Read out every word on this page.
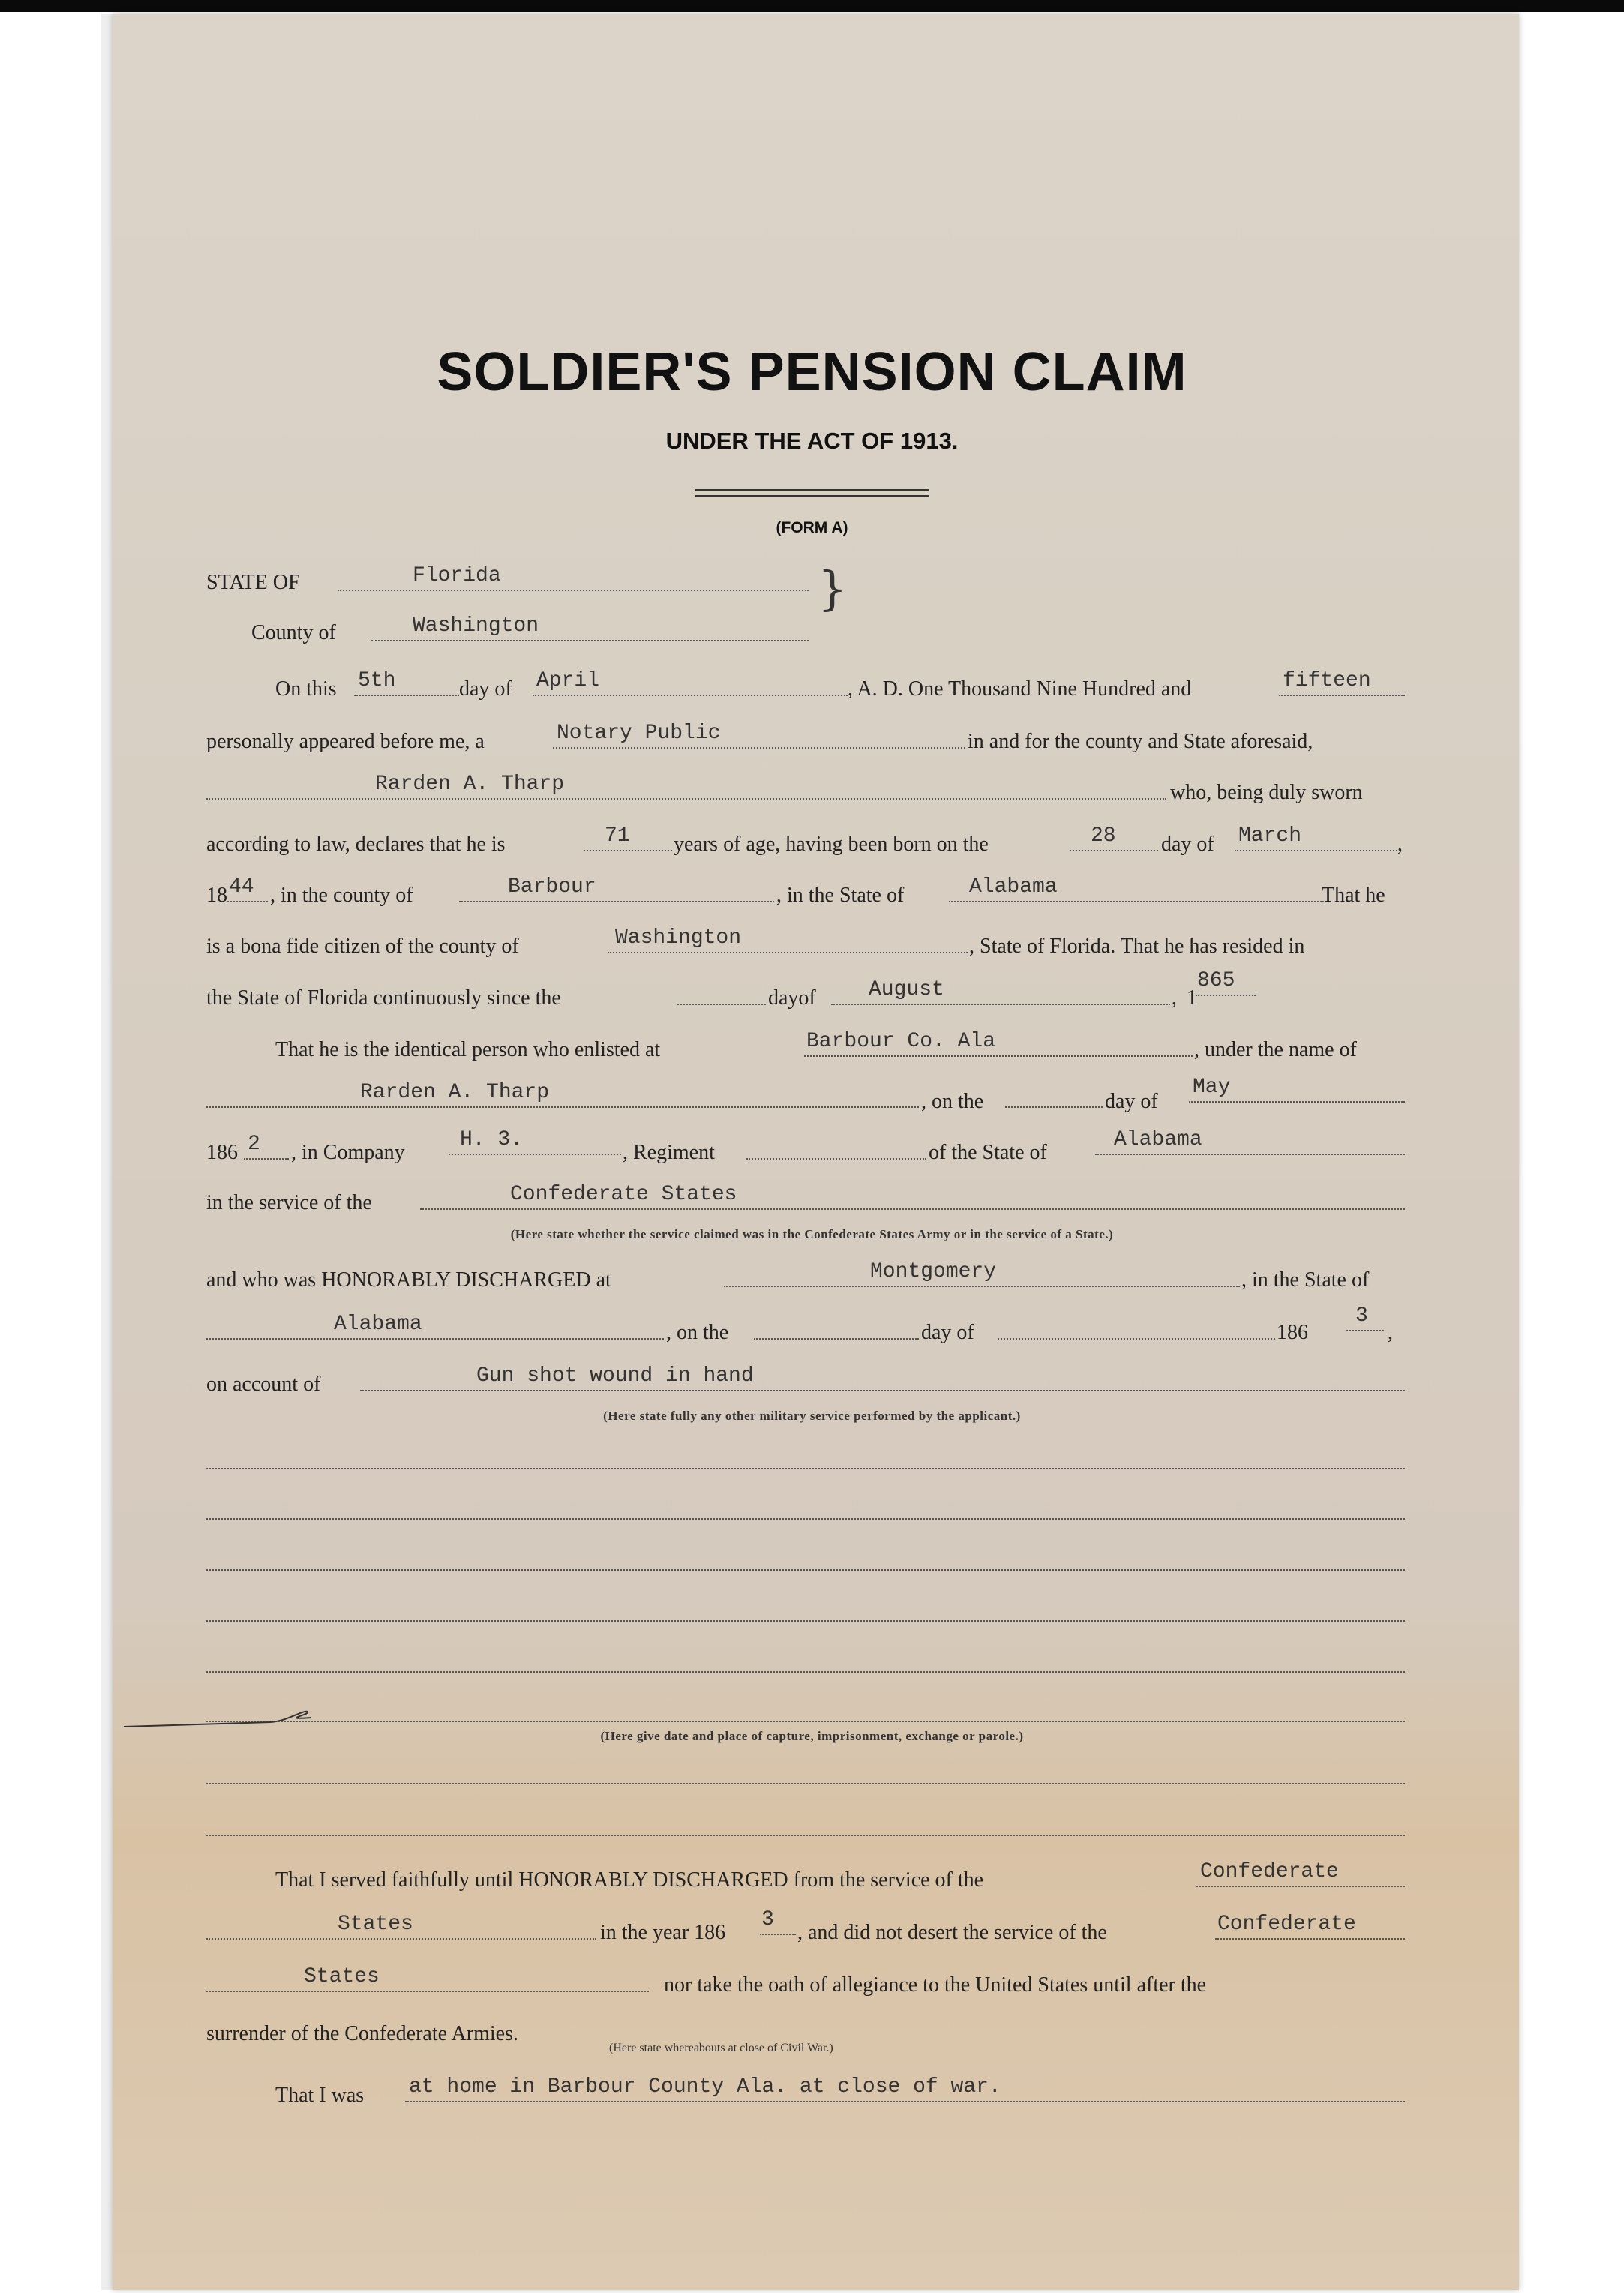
SOLDIER'S PENSION CLAIM
UNDER THE ACT OF 1913.
(FORM A)
STATE OF	Florida
County of	Washington
}
On this 5th	day of April	, A. D. One Thousand Nine Hundred and	fifteen
personally appeared before me, a	Notary Public	in and for the county and State aforesaid,
Rarden A. Tharp	who, being duly sworn
according to law, declares that he is	71 years of age, having been born on the	28 day of March	,
18 44 , in the county of	Barbour	, in the State of	Alabama	That he
is a bona fide citizen of the county of	Washington	, State of Florida. That he has resided in
the State of Florida continuously since the	dayof	August	, 1
865
That he is the identical person who enlisted at	Barbour Co. Ala	, under the name of
Rarden A. Tharp	, on the	day of
May
186 2 , in Company
H. 3.
, Regiment	of the State of
Alabama
in the service of the	Confederate States
(Here state whether the service claimed was in the Confederate States Army or in the service of a State.)
and who was HONORABLY DISCHARGED at	Montgomery	, in the State of
Alabama	, on the	day of	186
3
,
on account of	Gun shot wound in hand
(Here state fully any other military service performed by the applicant.)
(Here give date and place of capture, imprisonment, exchange or parole.)
That I served faithfully until HONORABLY DISCHARGED from the service of the	Confederate
States	in the year 186
3
, and did not desert the service of the	Confederate
States	nor take the oath of allegiance to the United States until after the
surrender of the Confederate Armies.
(Here state whereabouts at close of Civil War.)
That I was at home in Barbour County Ala. at close of war.
